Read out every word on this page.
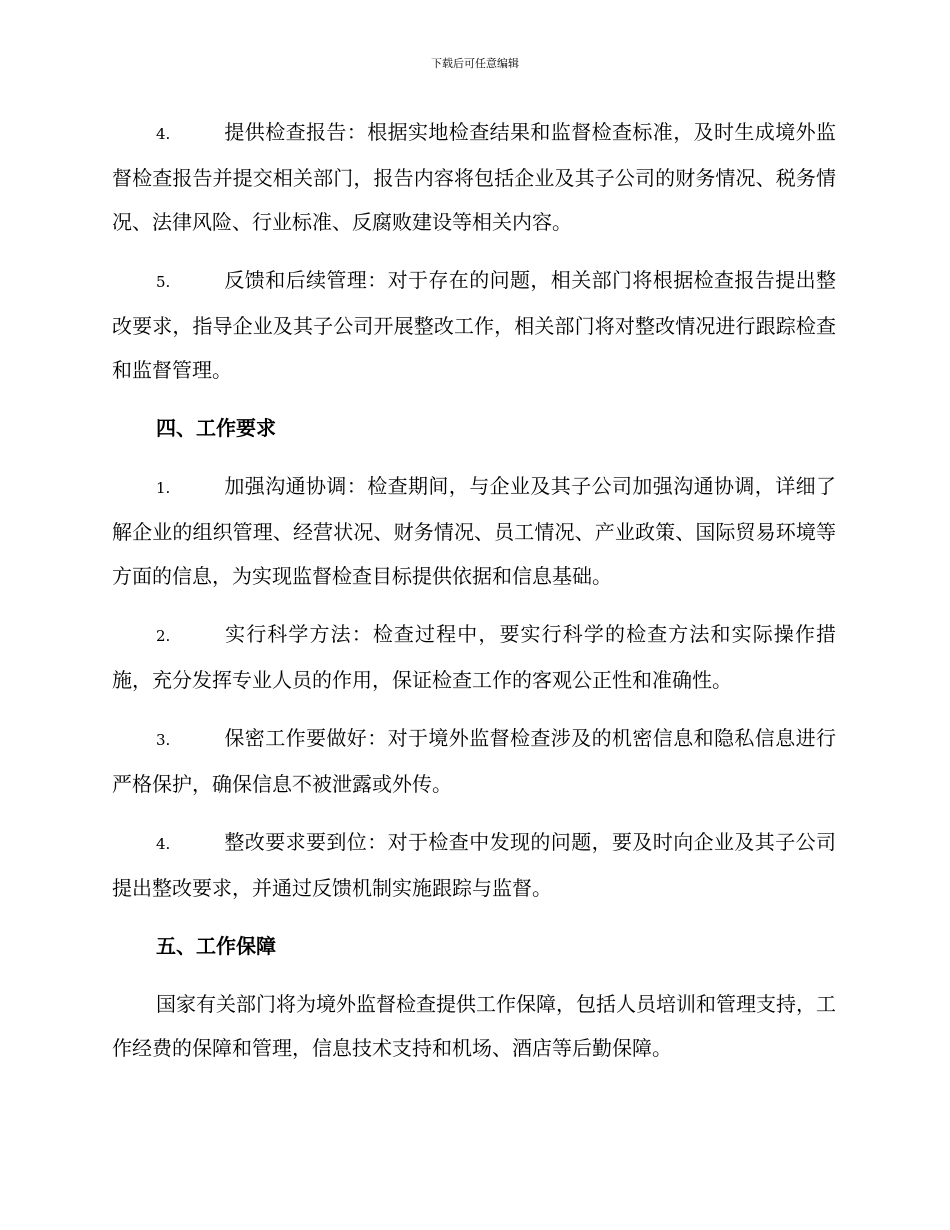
下载后可任意编辑

4.	提供检查报告：根据实地检查结果和监督检查标准，及时生成境外监督检查报告并提交相关部门，报告内容将包括企业及其子公司的财务情况、税务情况、法律风险、行业标准、反腐败建设等相关内容。

5.	反馈和后续管理：对于存在的问题，相关部门将根据检查报告提出整改要求，指导企业及其子公司开展整改工作，相关部门将对整改情况进行跟踪检查和监督管理。

四、工作要求

1.	加强沟通协调：检查期间，与企业及其子公司加强沟通协调，详细了解企业的组织管理、经营状况、财务情况、员工情况、产业政策、国际贸易环境等方面的信息，为实现监督检查目标提供依据和信息基础。

2.	实行科学方法：检查过程中，要实行科学的检查方法和实际操作措施，充分发挥专业人员的作用，保证检查工作的客观公正性和准确性。

3.	保密工作要做好：对于境外监督检查涉及的机密信息和隐私信息进行严格保护，确保信息不被泄露或外传。

4.	整改要求要到位：对于检查中发现的问题，要及时向企业及其子公司提出整改要求，并通过反馈机制实施跟踪与监督。

五、工作保障

国家有关部门将为境外监督检查提供工作保障，包括人员培训和管理支持，工作经费的保障和管理，信息技术支持和机场、酒店等后勤保障。
